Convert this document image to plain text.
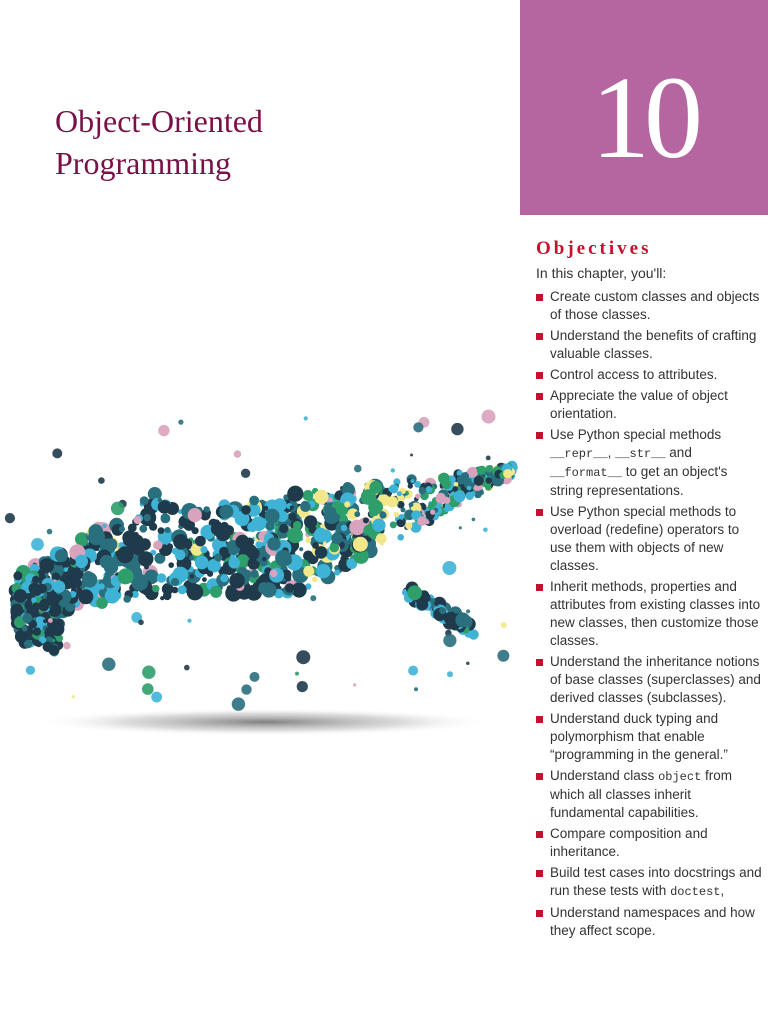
Object-Oriented
Programming	10
Objectives
In this chapter, you'll:
Create custom classes and objects of those classes.
Understand the benefits of crafting valuable classes.
Control access to attributes.
Appreciate the value of object orientation.
Use Python special methods __repr__, __str__ and __format__ to get an object's string representations.
Use Python special methods to overload (redefine) operators to use them with objects of new classes.
Inherit methods, properties and attributes from existing classes into new classes, then customize those classes.
Understand the inheritance notions of base classes (superclasses) and derived classes (subclasses).
Understand duck typing and polymorphism that enable “programming in the general.”
Understand class object from which all classes inherit fundamental capabilities.
Compare composition and inheritance.
Build test cases into docstrings and run these tests with doctest,
Understand namespaces and how they affect scope.
